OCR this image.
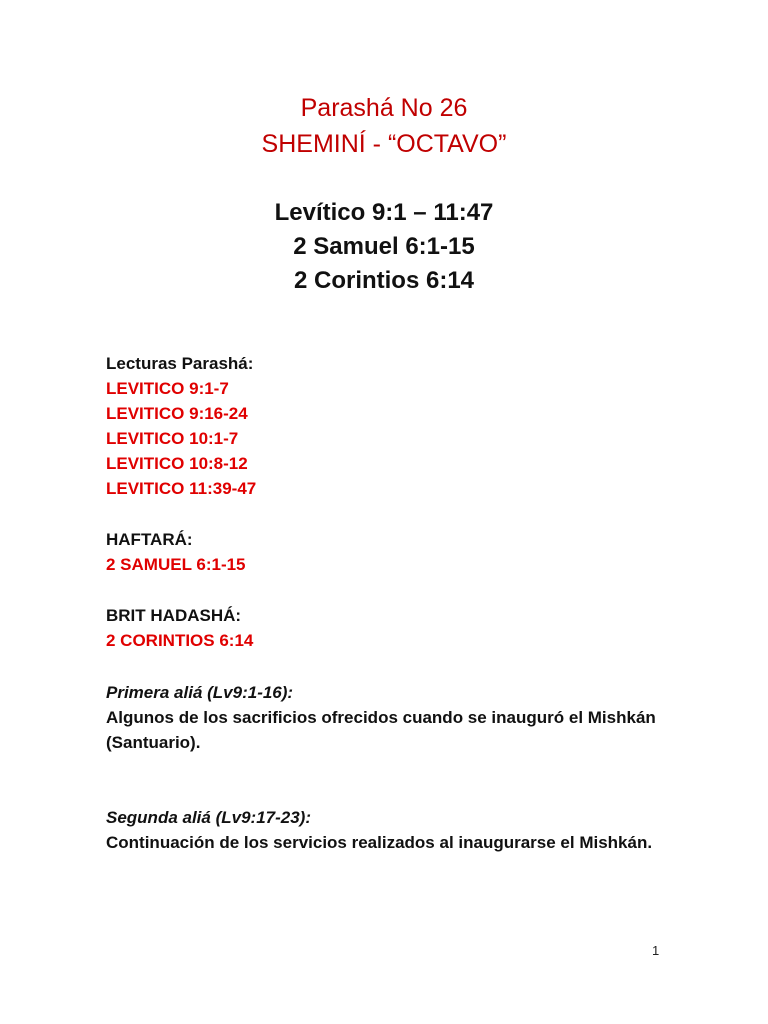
Parashá No 26
SHEMINÍ - “OCTAVO”
Levítico 9:1 – 11:47
2 Samuel 6:1-15
2 Corintios 6:14
Lecturas Parashá:
LEVITICO 9:1-7
LEVITICO 9:16-24
LEVITICO 10:1-7
LEVITICO 10:8-12
LEVITICO 11:39-47
HAFTARÁ:
2 SAMUEL 6:1-15
BRIT HADASHÁ:
2 CORINTIOS 6:14
Primera aliá (Lv9:1-16):
Algunos de los sacrificios ofrecidos cuando se inauguró el Mishkán
(Santuario).
Segunda aliá (Lv9:17-23):
Continuación de los servicios realizados al inaugurarse el Mishkán.
1
